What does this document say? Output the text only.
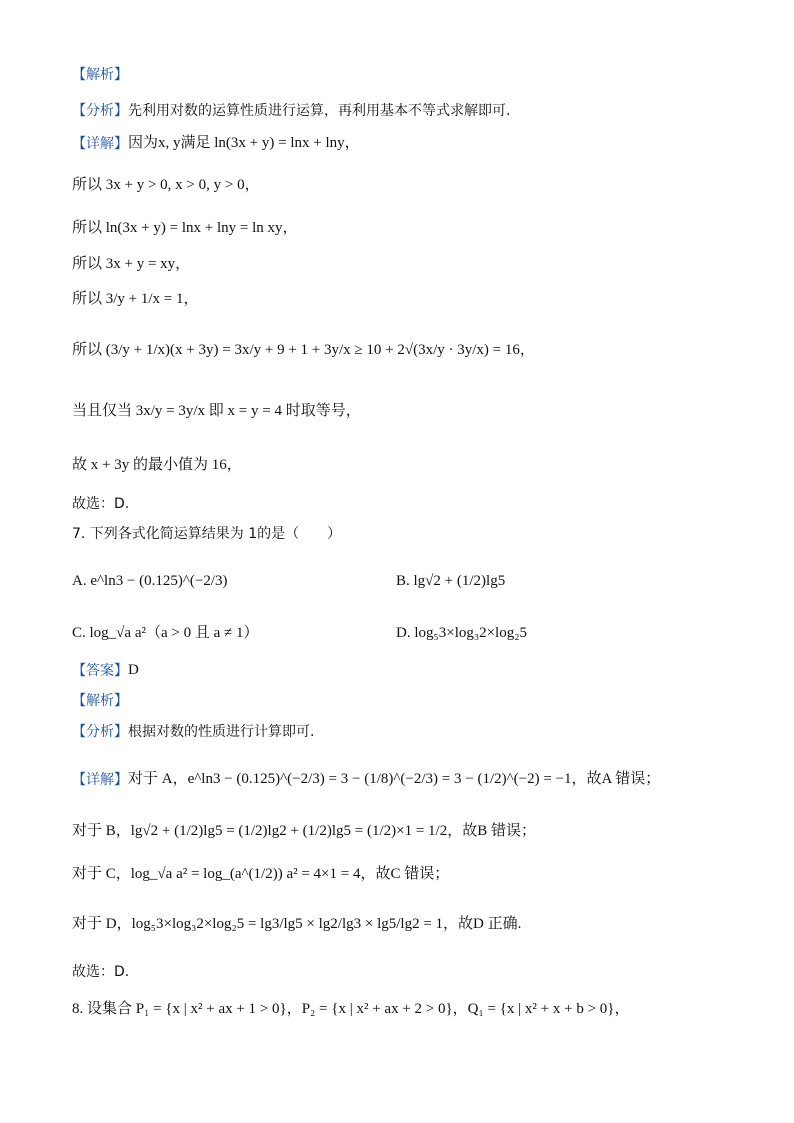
【解析】
【分析】 先利用对数的运算性质进行运算，再利用基本不等式求解即可.
【详解】 因为x, y满足 ln(3x + y) = lnx + lny，
所以 3x + y > 0, x > 0, y > 0，
所以 ln(3x + y) = lnx + lny = ln xy，
所以 3x + y = xy，
所以 3/y + 1/x = 1，
所以 (3/y + 1/x)(x + 3y) = 3x/y + 9 + 1 + 3y/x ≥ 10 + 2√(3x/y · 3y/x) = 16，
当且仅当 3x/y = 3y/x 即 x = y = 4 时取等号，
故 x + 3y 的最小值为 16，
故选：D.
7. 下列各式化简运算结果为 1的是（　　）
A. e^ln3 − (0.125)^(−2/3)	B. lg√2 + (1/2)lg5
C. log_√a a²（a > 0 且 a ≠ 1）	D. log₅3×log₃2×log₂5
【答案】 D
【解析】
【分析】 根据对数的性质进行计算即可.
【详解】 对于 A，e^ln3 − (0.125)^(−2/3) = 3 − (1/8)^(−2/3) = 3 − (1/2)^(−2) = −1，故A 错误；
对于 B，lg√2 + (1/2)lg5 = (1/2)lg2 + (1/2)lg5 = (1/2)×1 = 1/2，故B 错误；
对于 C，log_√a a² = log_(a^(1/2)) a² = 4×1 = 4，故C 错误；
对于 D，log₅3×log₃2×log₂5 = lg3/lg5 × lg2/lg3 × lg5/lg2 = 1，故D 正确.
故选：D.
8. 设集合 P₁ = {x | x² + ax + 1 > 0}，P₂ = {x | x² + ax + 2 > 0}，Q₁ = {x | x² + x + b > 0}，
